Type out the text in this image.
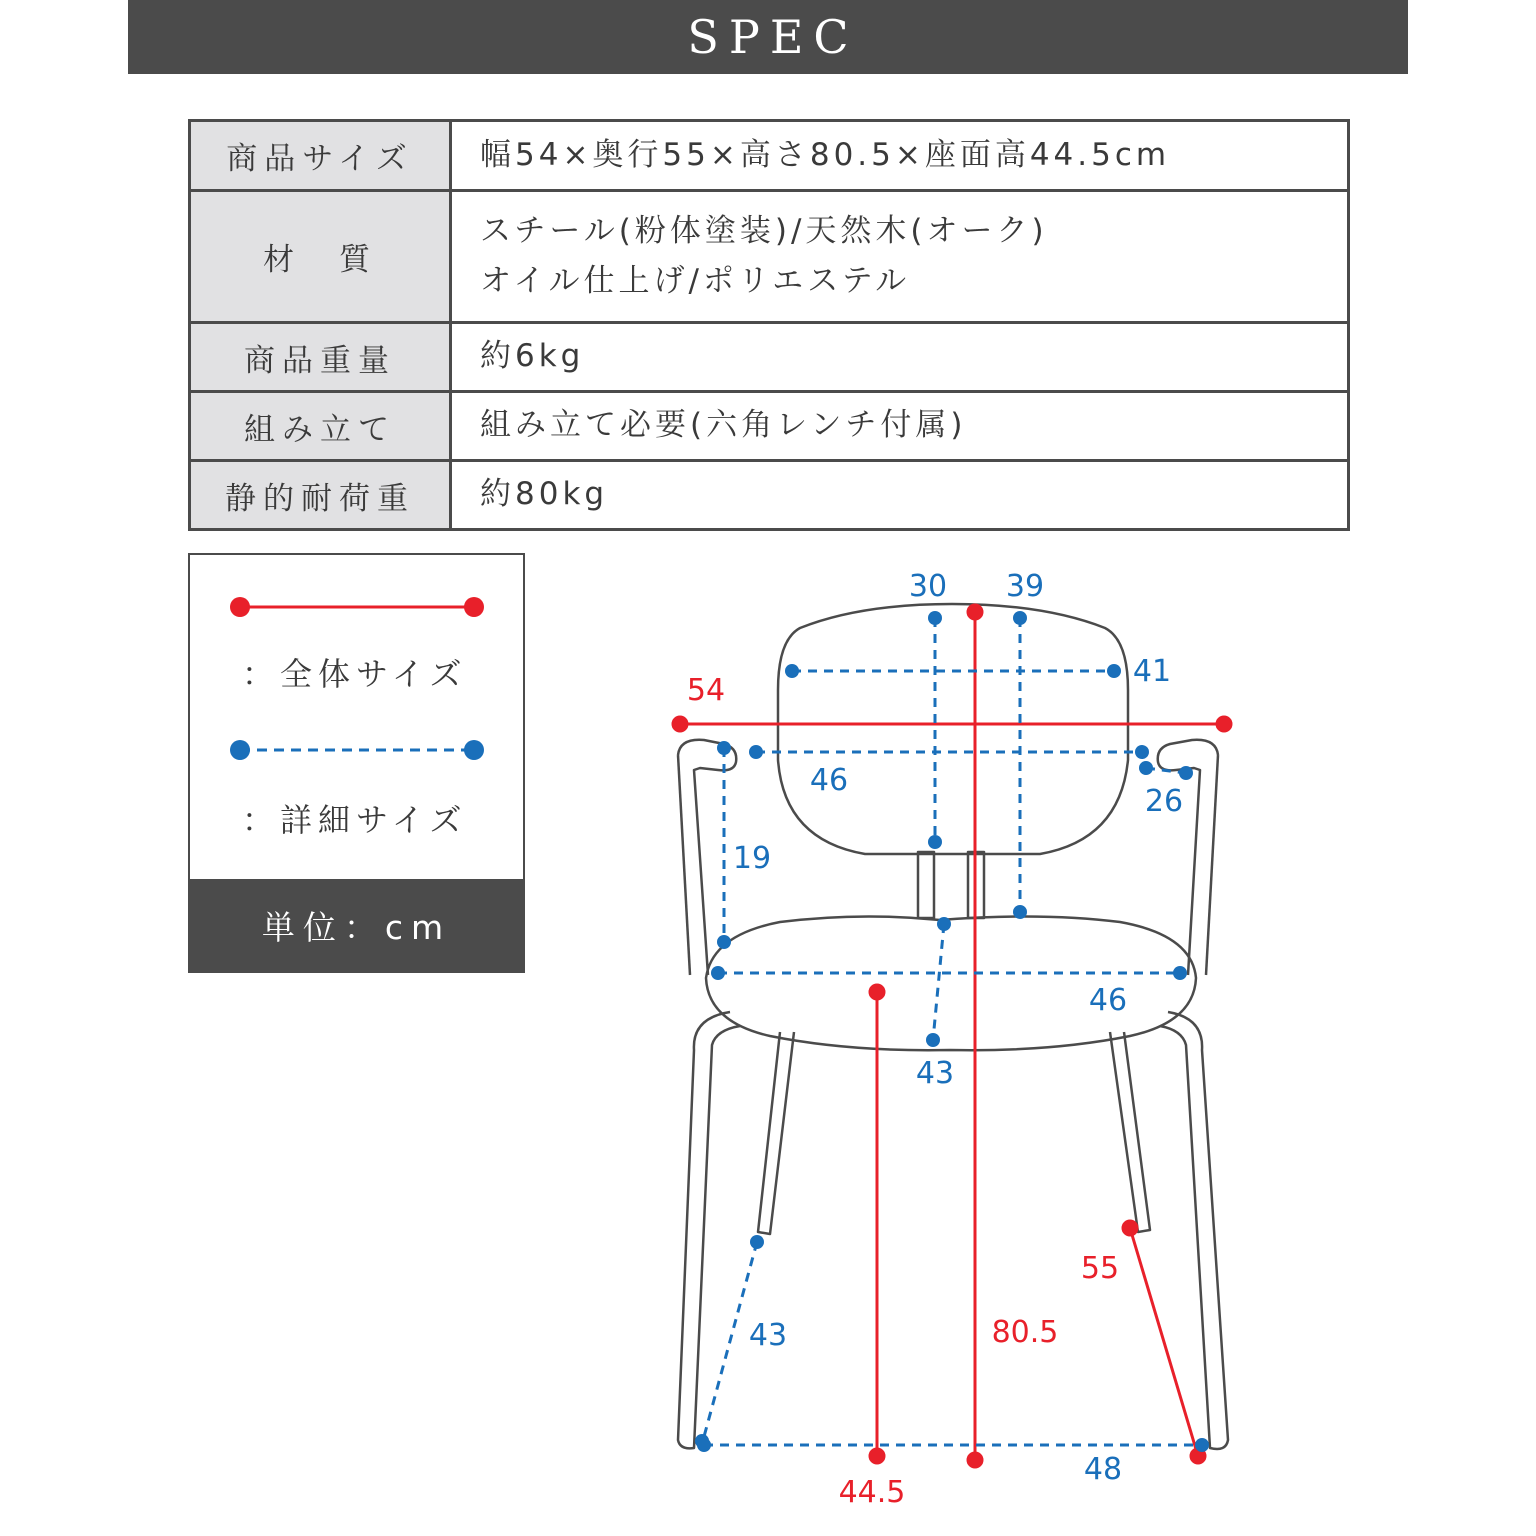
SPEC
商品サイズ	幅54×奥行55×高さ80.5×座面高44.5cm

材　質	スチール(粉体塗装)/天然木(オーク)
オイル仕上げ/ポリエステル

商品重量	約6kg

組み立て	組み立て必要(六角レンチ付属)

静的耐荷重	約80kg
：全体サイズ
：詳細サイズ
単位：cm
54
80.5
44.5
55
30 39
41
46
26
19
46
43
43
48
